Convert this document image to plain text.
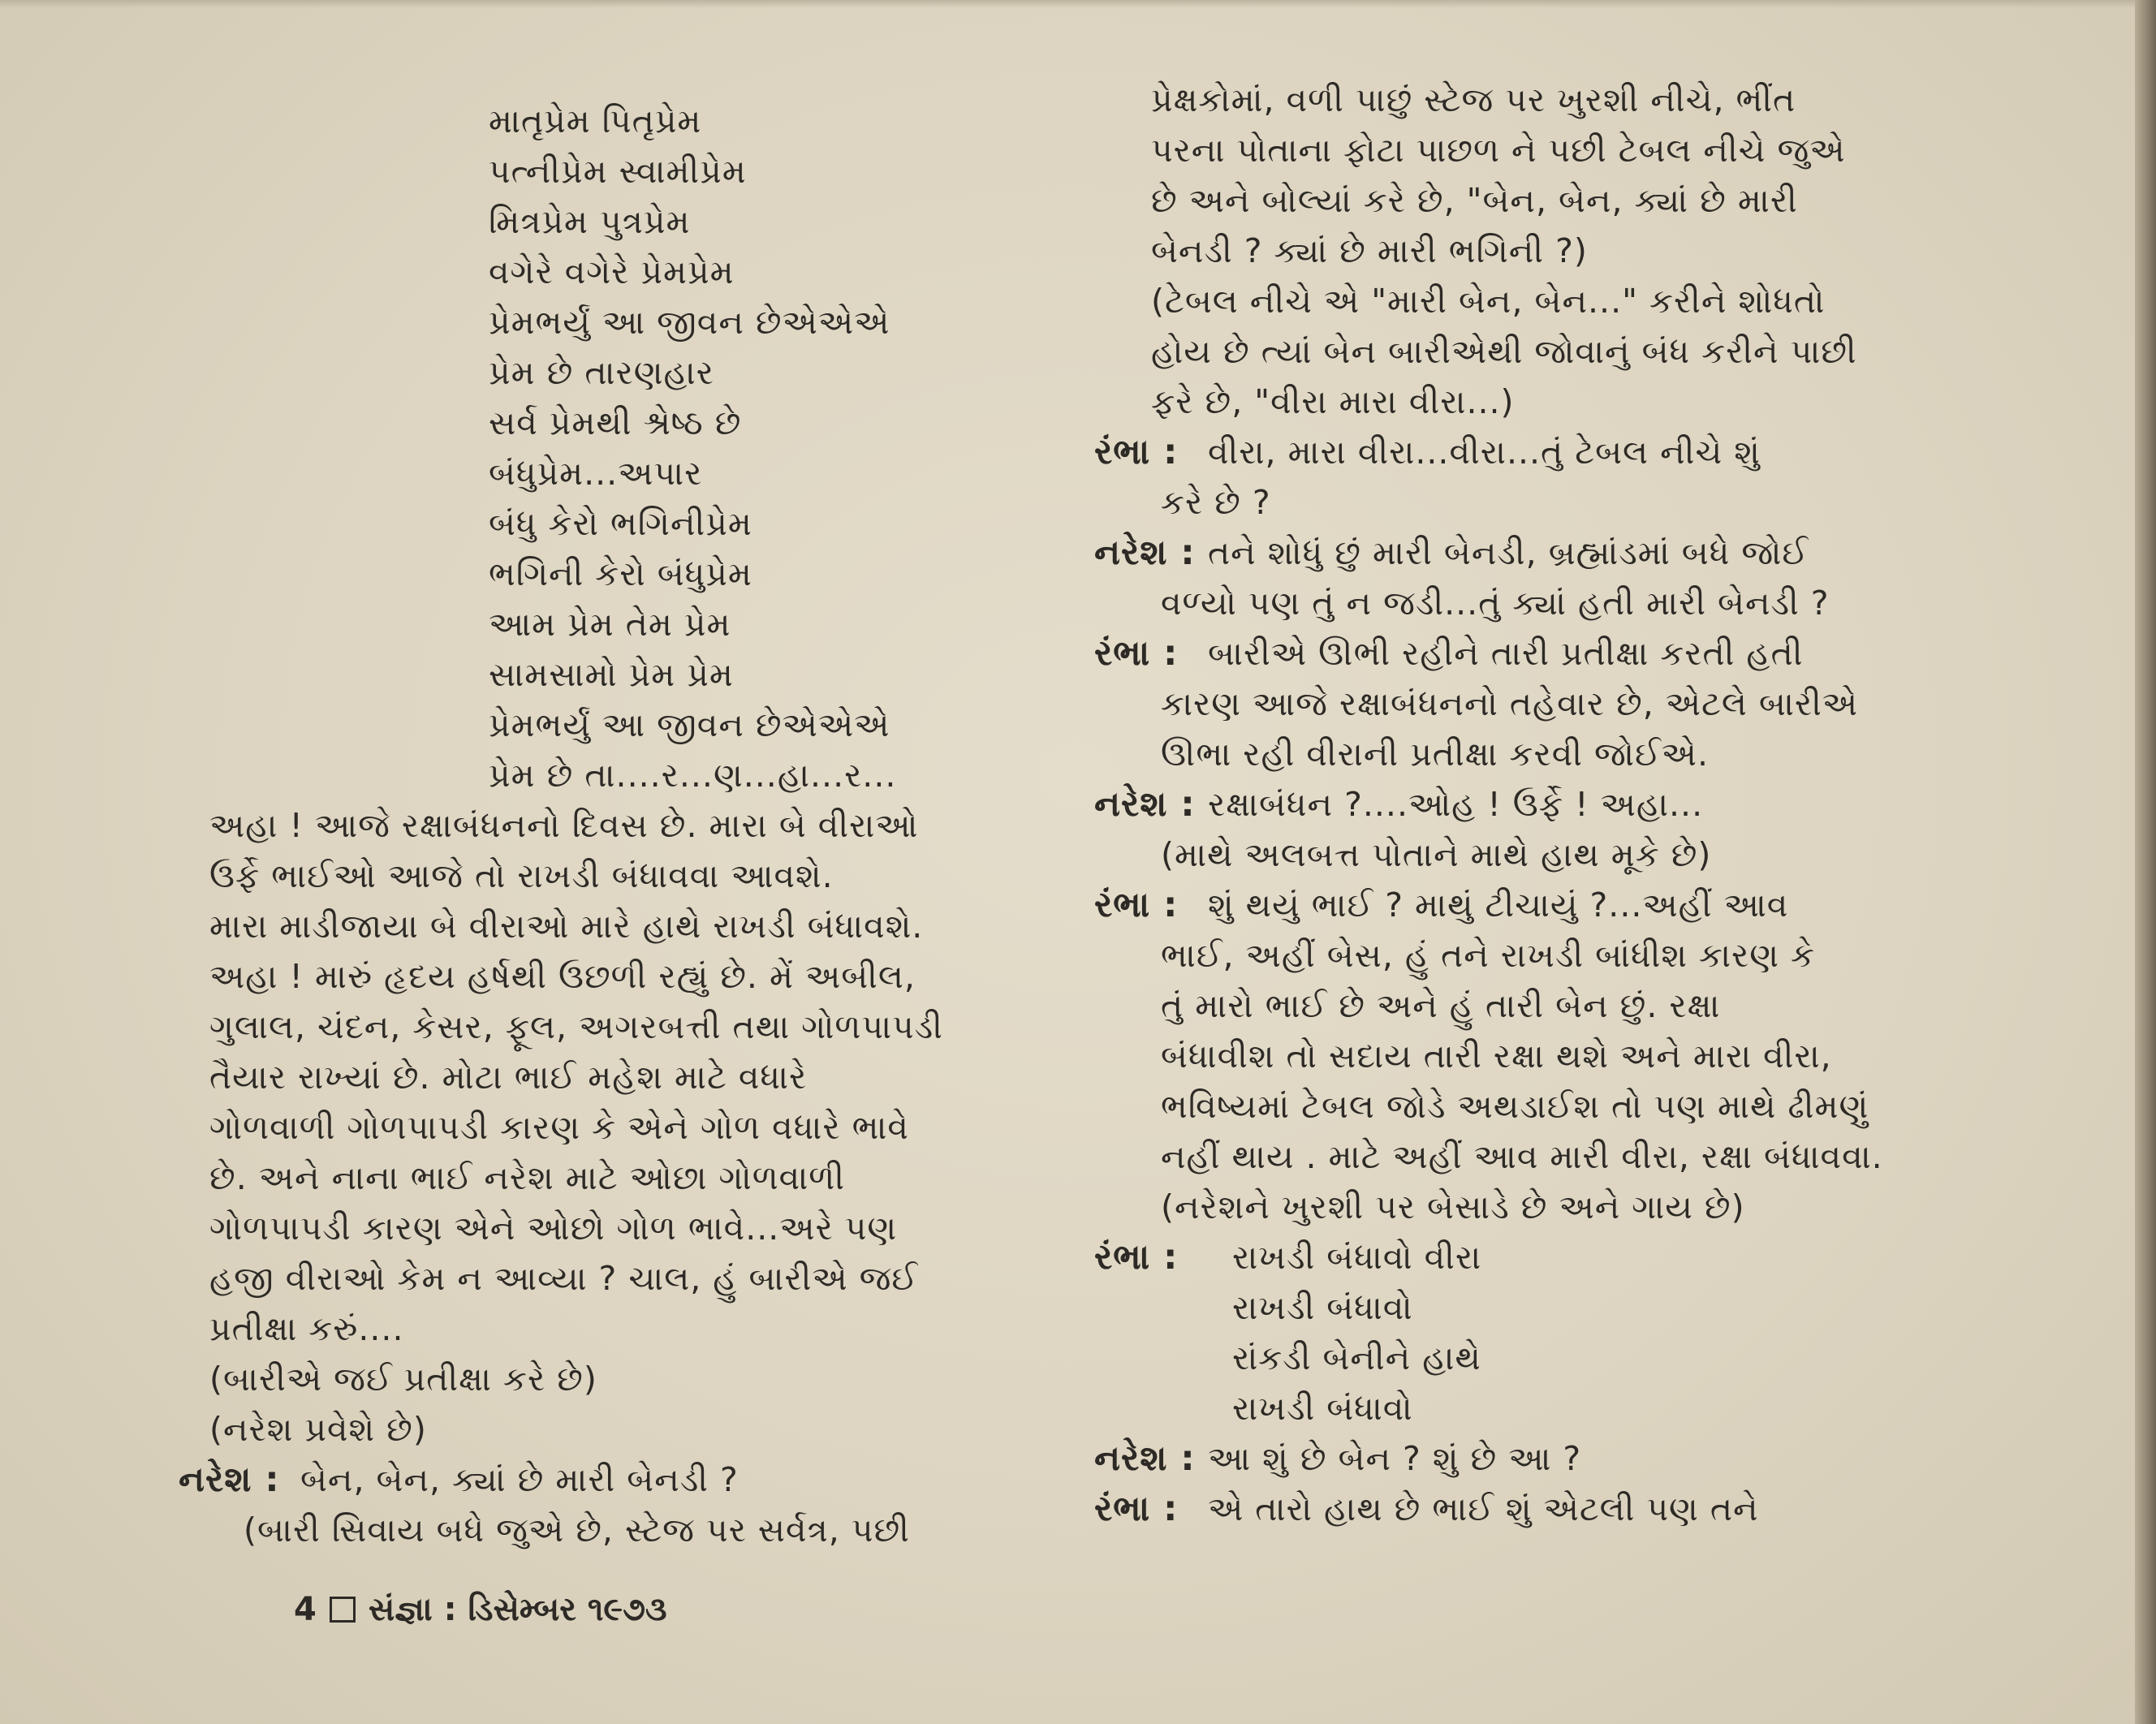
માતૃપ્રેમ પિતૃપ્રેમ
પત્નીપ્રેમ સ્વામીપ્રેમ
મિત્રપ્રેમ પુત્રપ્રેમ
વગેરે વગેરે પ્રેમપ્રેમ
પ્રેમભર્યું આ જીવન છેએએએ
પ્રેમ છે તારણહાર
સર્વ પ્રેમથી શ્રેષ્ઠ છે
બંધુપ્રેમ...અપાર
બંધુ કેરો ભગિનીપ્રેમ
ભગિની કેરો બંધુપ્રેમ
આમ પ્રેમ તેમ પ્રેમ
સામસામો પ્રેમ પ્રેમ
પ્રેમભર્યું આ જીવન છેએએએ
પ્રેમ છે તા....ર...ણ...હા...ર...
અહા ! આજે રક્ષાબંધનનો દિવસ છે. મારા બે વીરાઓ
ઉર્ફે ભાઈઓ આજે તો રાખડી બંધાવવા આવશે.
મારા માડીજાયા બે વીરાઓ મારે હાથે રાખડી બંધાવશે.
અહા ! મારું હૃદય હર્ષથી ઉછળી રહ્યું છે. મેં અબીલ,
ગુલાલ, ચંદન, કેસર, ફૂલ, અગરબત્તી તથા ગોળપાપડી
તૈયાર રાખ્યાં છે. મોટા ભાઈ મહેશ માટે વધારે
ગોળવાળી ગોળપાપડી કારણ કે એને ગોળ વધારે ભાવે
છે. અને નાના ભાઈ નરેશ માટે ઓછા ગોળવાળી
ગોળપાપડી કારણ એને ઓછો ગોળ ભાવે...અરે પણ
હજી વીરાઓ કેમ ન આવ્યા ? ચાલ, હું બારીએ જઈ
પ્રતીક્ષા કરું....
(બારીએ જઈ પ્રતીક્ષા કરે છે)
(નરેશ પ્રવેશે છે)
નરેશ : બેન, બેન, ક્યાં છે મારી બેનડી ?
(બારી સિવાય બધે જુએ છે, સ્ટેજ પર સર્વત્ર, પછી
પ્રેક્ષકોમાં, વળી પાછું સ્ટેજ પર ખુરશી નીચે, ભીંત
પરના પોતાના ફોટા પાછળ ને પછી ટેબલ નીચે જુએ
છે અને બોલ્યાં કરે છે, "બેન, બેન, ક્યાં છે મારી
બેનડી ? ક્યાં છે મારી ભગિની ?)
(ટેબલ નીચે એ "મારી બેન, બેન..." કરીને શોધતો
હોય છે ત્યાં બેન બારીએથી જોવાનું બંધ કરીને પાછી
ફરે છે, "વીરા મારા વીરા...)
રંભા : વીરા, મારા વીરા...વીરા...તું ટેબલ નીચે શું
કરે છે ?
નરેશ : તને શોધું છું મારી બેનડી, બ્રહ્માંડમાં બધે જોઈ
વળ્યો પણ તું ન જડી...તું ક્યાં હતી મારી બેનડી ?
રંભા : બારીએ ઊભી રહીને તારી પ્રતીક્ષા કરતી હતી
કારણ આજે રક્ષાબંધનનો તહેવાર છે, એટલે બારીએ
ઊભા રહી વીરાની પ્રતીક્ષા કરવી જોઈએ.
નરેશ : રક્ષાબંધન ?....ઓહ ! ઉર્ફે ! અહા...
(માથે અલબત્ત પોતાને માથે હાથ મૂકે છે)
રંભા : શું થયું ભાઈ ? માથું ટીચાયું ?...અહીં આવ
ભાઈ, અહીં બેસ, હું તને રાખડી બાંધીશ કારણ કે
તું મારો ભાઈ છે અને હું તારી બેન છું. રક્ષા
બંધાવીશ તો સદાય તારી રક્ષા થશે અને મારા વીરા,
ભવિષ્યમાં ટેબલ જોડે અથડાઈશ તો પણ માથે ઢીમણું
નહીં થાય . માટે અહીં આવ મારી વીરા, રક્ષા બંધાવવા.
(નરેશને ખુરશી પર બેસાડે છે અને ગાય છે)
રંભા :	રાખડી બંધાવો વીરા
રાખડી બંધાવો
રાંકડી બેનીને હાથે
રાખડી બંધાવો
નરેશ : આ શું છે બેન ? શું છે આ ?
રંભા : એ તારો હાથ છે ભાઈ શું એટલી પણ તને
4 સંજ્ઞા : ડિસેમ્બર ૧૯૭૩
